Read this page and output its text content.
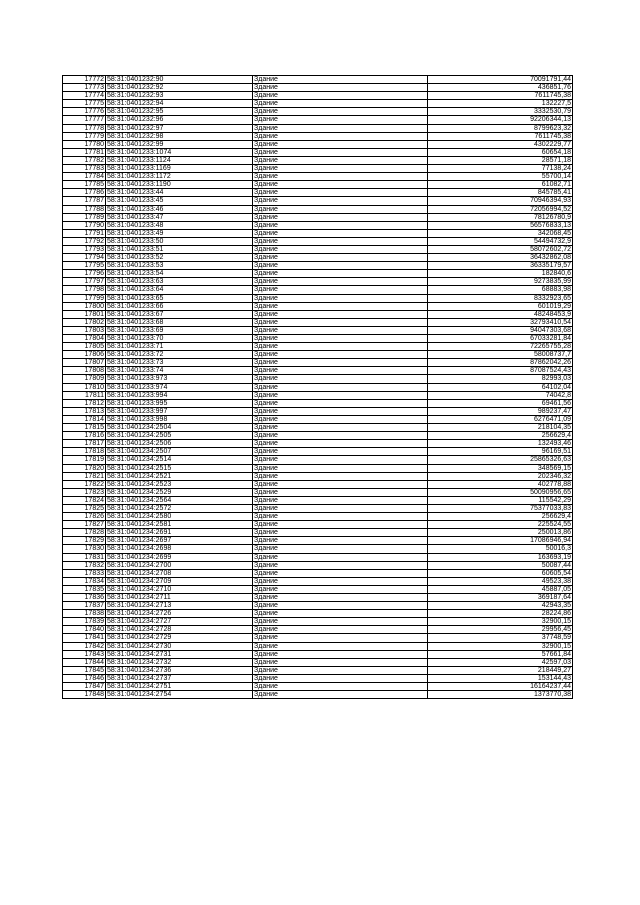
17772	58:31:0401232:90	Здание	70091791,44
17773	58:31:0401232:92	Здание	436851,76
17774	58:31:0401232:93	Здание	7611745,38
17775	58:31:0401232:94	Здание	132227,5
17776	58:31:0401232:95	Здание	3332530,79
17777	58:31:0401232:96	Здание	92206344,13
17778	58:31:0401232:97	Здание	8799623,32
17779	58:31:0401232:98	Здание	7611745,38
17780	58:31:0401232:99	Здание	4302229,77
17781	58:31:0401233:1074	Здание	60654,18
17782	58:31:0401233:1124	Здание	28571,18
17783	58:31:0401233:1169	Здание	77138,24
17784	58:31:0401233:1172	Здание	55700,14
17785	58:31:0401233:1190	Здание	61082,71
17786	58:31:0401233:44	Здание	845785,41
17787	58:31:0401233:45	Здание	70946394,93
17788	58:31:0401233:46	Здание	72056994,52
17789	58:31:0401233:47	Здание	78126780,9
17790	58:31:0401233:48	Здание	56576833,13
17791	58:31:0401233:49	Здание	342068,45
17792	58:31:0401233:50	Здание	54494732,9
17793	58:31:0401233:51	Здание	58072602,72
17794	58:31:0401233:52	Здание	36432862,08
17795	58:31:0401233:53	Здание	36335179,57
17796	58:31:0401233:54	Здание	182840,6
17797	58:31:0401233:63	Здание	9273835,99
17798	58:31:0401233:64	Здание	68883,98
17799	58:31:0401233:65	Здание	8332923,65
17800	58:31:0401233:66	Здание	601019,29
17801	58:31:0401233:67	Здание	48248453,9
17802	58:31:0401233:68	Здание	32793410,54
17803	58:31:0401233:69	Здание	94047303,68
17804	58:31:0401233:70	Здание	67033281,84
17805	58:31:0401233:71	Здание	72265755,28
17806	58:31:0401233:72	Здание	58008737,7
17807	58:31:0401233:73	Здание	87862042,26
17808	58:31:0401233:74	Здание	87087524,43
17809	58:31:0401233:973	Здание	82993,03
17810	58:31:0401233:974	Здание	64102,04
17811	58:31:0401233:994	Здание	74042,8
17812	58:31:0401233:995	Здание	69461,56
17813	58:31:0401233:997	Здание	989237,47
17814	58:31:0401233:998	Здание	6276471,09
17815	58:31:0401234:2504	Здание	218104,35
17816	58:31:0401234:2505	Здание	256629,4
17817	58:31:0401234:2506	Здание	132493,46
17818	58:31:0401234:2507	Здание	96169,51
17819	58:31:0401234:2514	Здание	25865326,63
17820	58:31:0401234:2515	Здание	348569,15
17821	58:31:0401234:2521	Здание	202346,32
17822	58:31:0401234:2523	Здание	402778,88
17823	58:31:0401234:2529	Здание	50090956,65
17824	58:31:0401234:2564	Здание	115542,29
17825	58:31:0401234:2572	Здание	75377033,83
17826	58:31:0401234:2580	Здание	256629,4
17827	58:31:0401234:2581	Здание	225524,55
17828	58:31:0401234:2691	Здание	250013,86
17829	58:31:0401234:2697	Здание	17086946,94
17830	58:31:0401234:2698	Здание	50016,3
17831	58:31:0401234:2699	Здание	163693,19
17832	58:31:0401234:2700	Здание	50087,44
17833	58:31:0401234:2708	Здание	60605,54
17834	58:31:0401234:2709	Здание	49523,38
17835	58:31:0401234:2710	Здание	45887,05
17836	58:31:0401234:2711	Здание	369187,64
17837	58:31:0401234:2713	Здание	42943,35
17838	58:31:0401234:2726	Здание	28224,86
17839	58:31:0401234:2727	Здание	32900,15
17840	58:31:0401234:2728	Здание	29956,45
17841	58:31:0401234:2729	Здание	37748,59
17842	58:31:0401234:2730	Здание	32900,15
17843	58:31:0401234:2731	Здание	57661,84
17844	58:31:0401234:2732	Здание	42597,03
17845	58:31:0401234:2736	Здание	218449,27
17846	58:31:0401234:2737	Здание	153144,43
17847	58:31:0401234:2751	Здание	16164237,44
17848	58:31:0401234:2754	Здание	1373770,38
